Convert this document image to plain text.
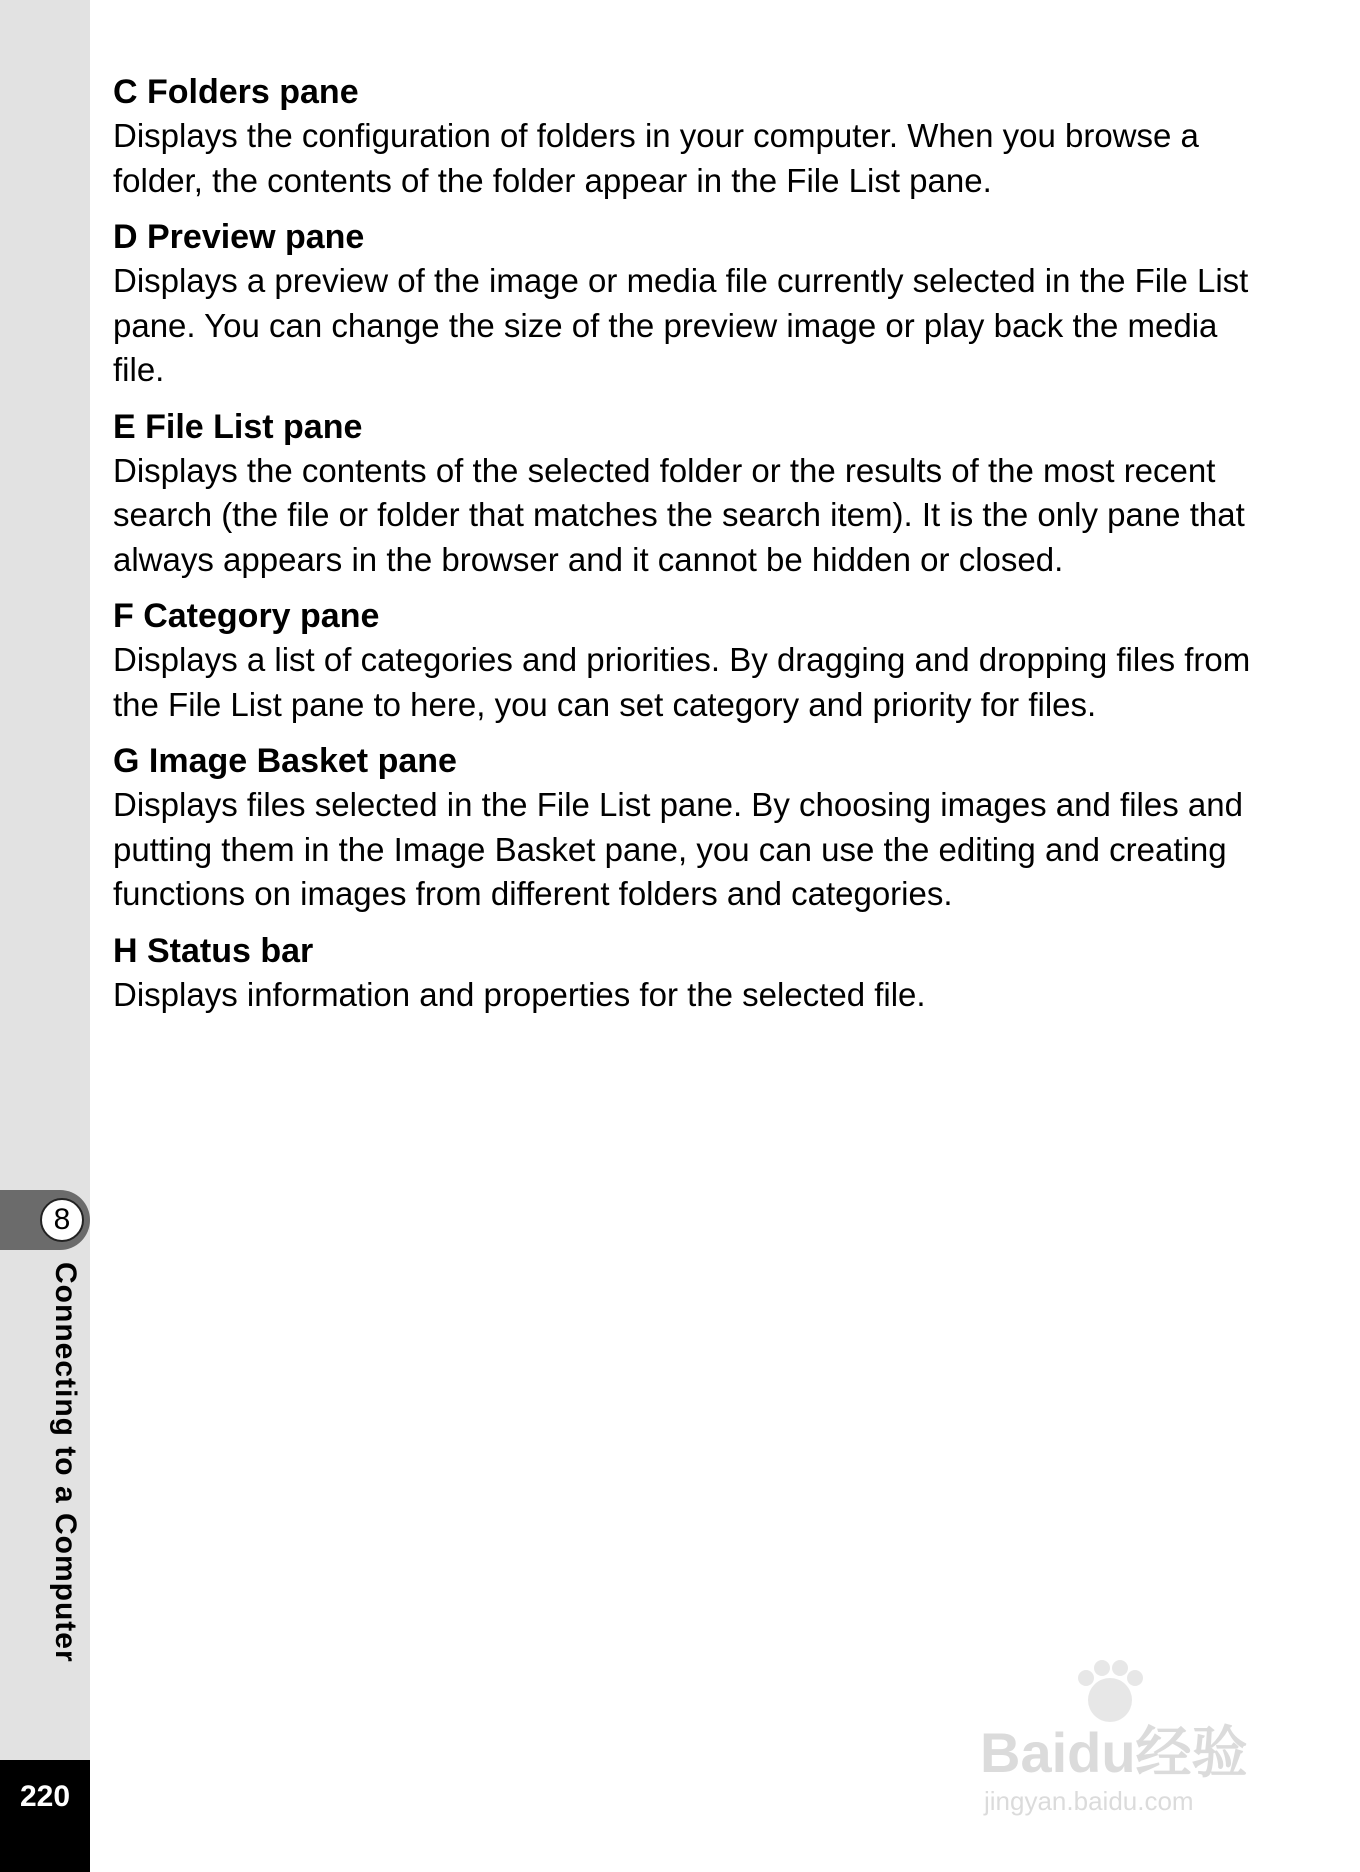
8
Connecting to a Computer
220

C Folders pane

Displays the configuration of folders in your computer. When you browse a folder, the contents of the folder appear in the File List pane.

D Preview pane

Displays a preview of the image or media file currently selected in the File List pane. You can change the size of the preview image or play back the media file.

E File List pane

Displays the contents of the selected folder or the results of the most recent search (the file or folder that matches the search item). It is the only pane that always appears in the browser and it cannot be hidden or closed.

F Category pane

Displays a list of categories and priorities. By dragging and dropping files from the File List pane to here, you can set category and priority for files.

G Image Basket pane

Displays files selected in the File List pane. By choosing images and files and putting them in the Image Basket pane, you can use the editing and creating functions on images from different folders and categories.

H Status bar

Displays information and properties for the selected file.

Baidu经验
jingyan.baidu.com
